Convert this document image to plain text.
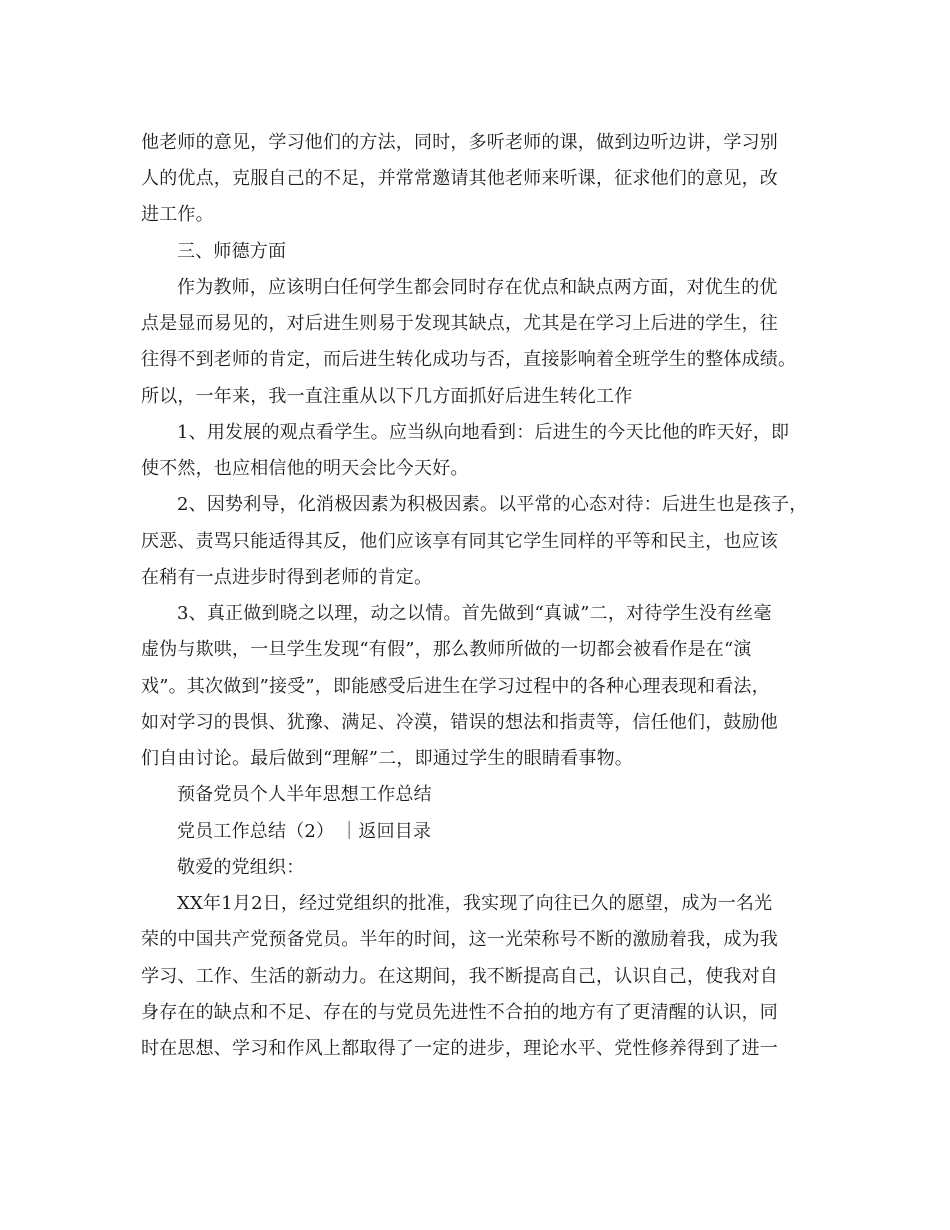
他老师的意见，学习他们的方法，同时，多听老师的课，做到边听边讲，学习别
人的优点，克服自己的不足，并常常邀请其他老师来听课，征求他们的意见，改
进工作。
三、师德方面
作为教师，应该明白任何学生都会同时存在优点和缺点两方面，对优生的优
点是显而易见的，对后进生则易于发现其缺点，尤其是在学习上后进的学生，往
往得不到老师的肯定，而后进生转化成功与否，直接影响着全班学生的整体成绩。
所以，一年来，我一直注重从以下几方面抓好后进生转化工作
1、用发展的观点看学生。应当纵向地看到：后进生的今天比他的昨天好，即
使不然，也应相信他的明天会比今天好。
2、因势利导，化消极因素为积极因素。以平常的心态对待：后进生也是孩子，
厌恶、责骂只能适得其反，他们应该享有同其它学生同样的平等和民主，也应该
在稍有一点进步时得到老师的肯定。
3、真正做到晓之以理，动之以情。首先做到“真诚”二，对待学生没有丝毫
虚伪与欺哄，一旦学生发现“有假”，那么教师所做的一切都会被看作是在“演
戏”。其次做到”接受”，即能感受后进生在学习过程中的各种心理表现和看法，
如对学习的畏惧、犹豫、满足、冷漠，错误的想法和指责等，信任他们，鼓励他
们自由讨论。最后做到“理解”二，即通过学生的眼睛看事物。
预备党员个人半年思想工作总结
党员工作总结（2） ｜返回目录
敬爱的党组织：
XX年1月2日，经过党组织的批准，我实现了向往已久的愿望，成为一名光
荣的中国共产党预备党员。半年的时间，这一光荣称号不断的激励着我，成为我
学习、工作、生活的新动力。在这期间，我不断提高自己，认识自己，使我对自
身存在的缺点和不足、存在的与党员先进性不合拍的地方有了更清醒的认识，同
时在思想、学习和作风上都取得了一定的进步，理论水平、党性修养得到了进一
